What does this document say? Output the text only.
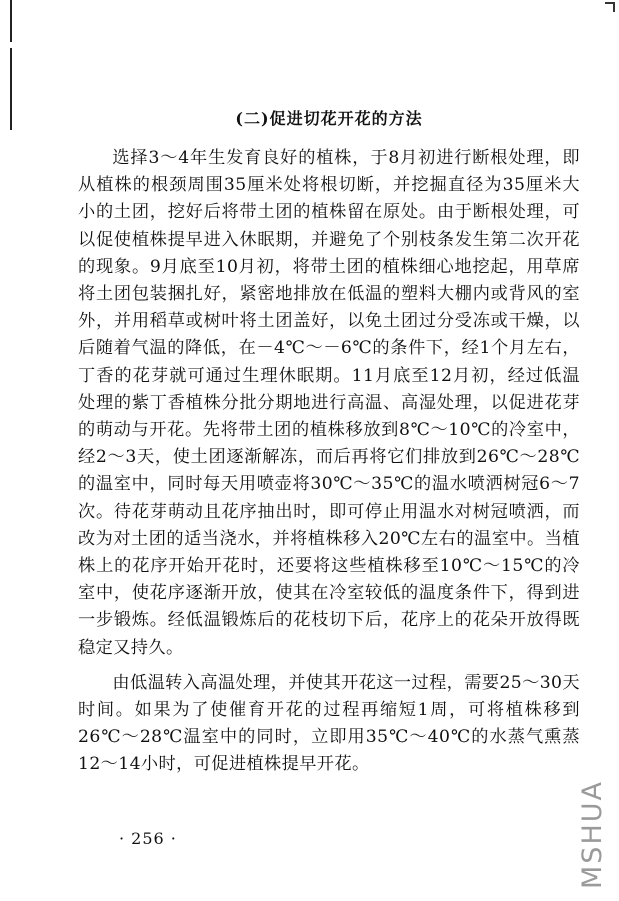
(二)促进切花开花的方法

选择3～4年生发育良好的植株，于8月初进行断根处理，即从植株的根颈周围35厘米处将根切断，并挖掘直径为35厘米大小的土团，挖好后将带土团的植株留在原处。由于断根处理，可以促使植株提早进入休眠期，并避免了个别枝条发生第二次开花的现象。9月底至10月初，将带土团的植株细心地挖起，用草席将土团包装捆扎好，紧密地排放在低温的塑料大棚内或背风的室外，并用稻草或树叶将土团盖好，以免土团过分受冻或干燥，以后随着气温的降低，在－4℃～－6℃的条件下，经1个月左右，丁香的花芽就可通过生理休眠期。11月底至12月初，经过低温处理的紫丁香植株分批分期地进行高温、高湿处理，以促进花芽的萌动与开花。先将带土团的植株移放到8℃～10℃的冷室中，经2～3天，使土团逐渐解冻，而后再将它们排放到26℃～28℃的温室中，同时每天用喷壶将30℃～35℃的温水喷洒树冠6～7次。待花芽萌动且花序抽出时，即可停止用温水对树冠喷洒，而改为对土团的适当浇水，并将植株移入20℃左右的温室中。当植株上的花序开始开花时，还要将这些植株移至10℃～15℃的冷室中，使花序逐渐开放，使其在冷室较低的温度条件下，得到进一步锻炼。经低温锻炼后的花枝切下后，花序上的花朵开放得既稳定又持久。

由低温转入高温处理，并使其开花这一过程，需要25～30天时间。如果为了使催育开花的过程再缩短1周，可将植株移到26℃～28℃温室中的同时，立即用35℃～40℃的水蒸气熏蒸12～14小时，可促进植株提早开花。

· 256 ·	MSHUA
